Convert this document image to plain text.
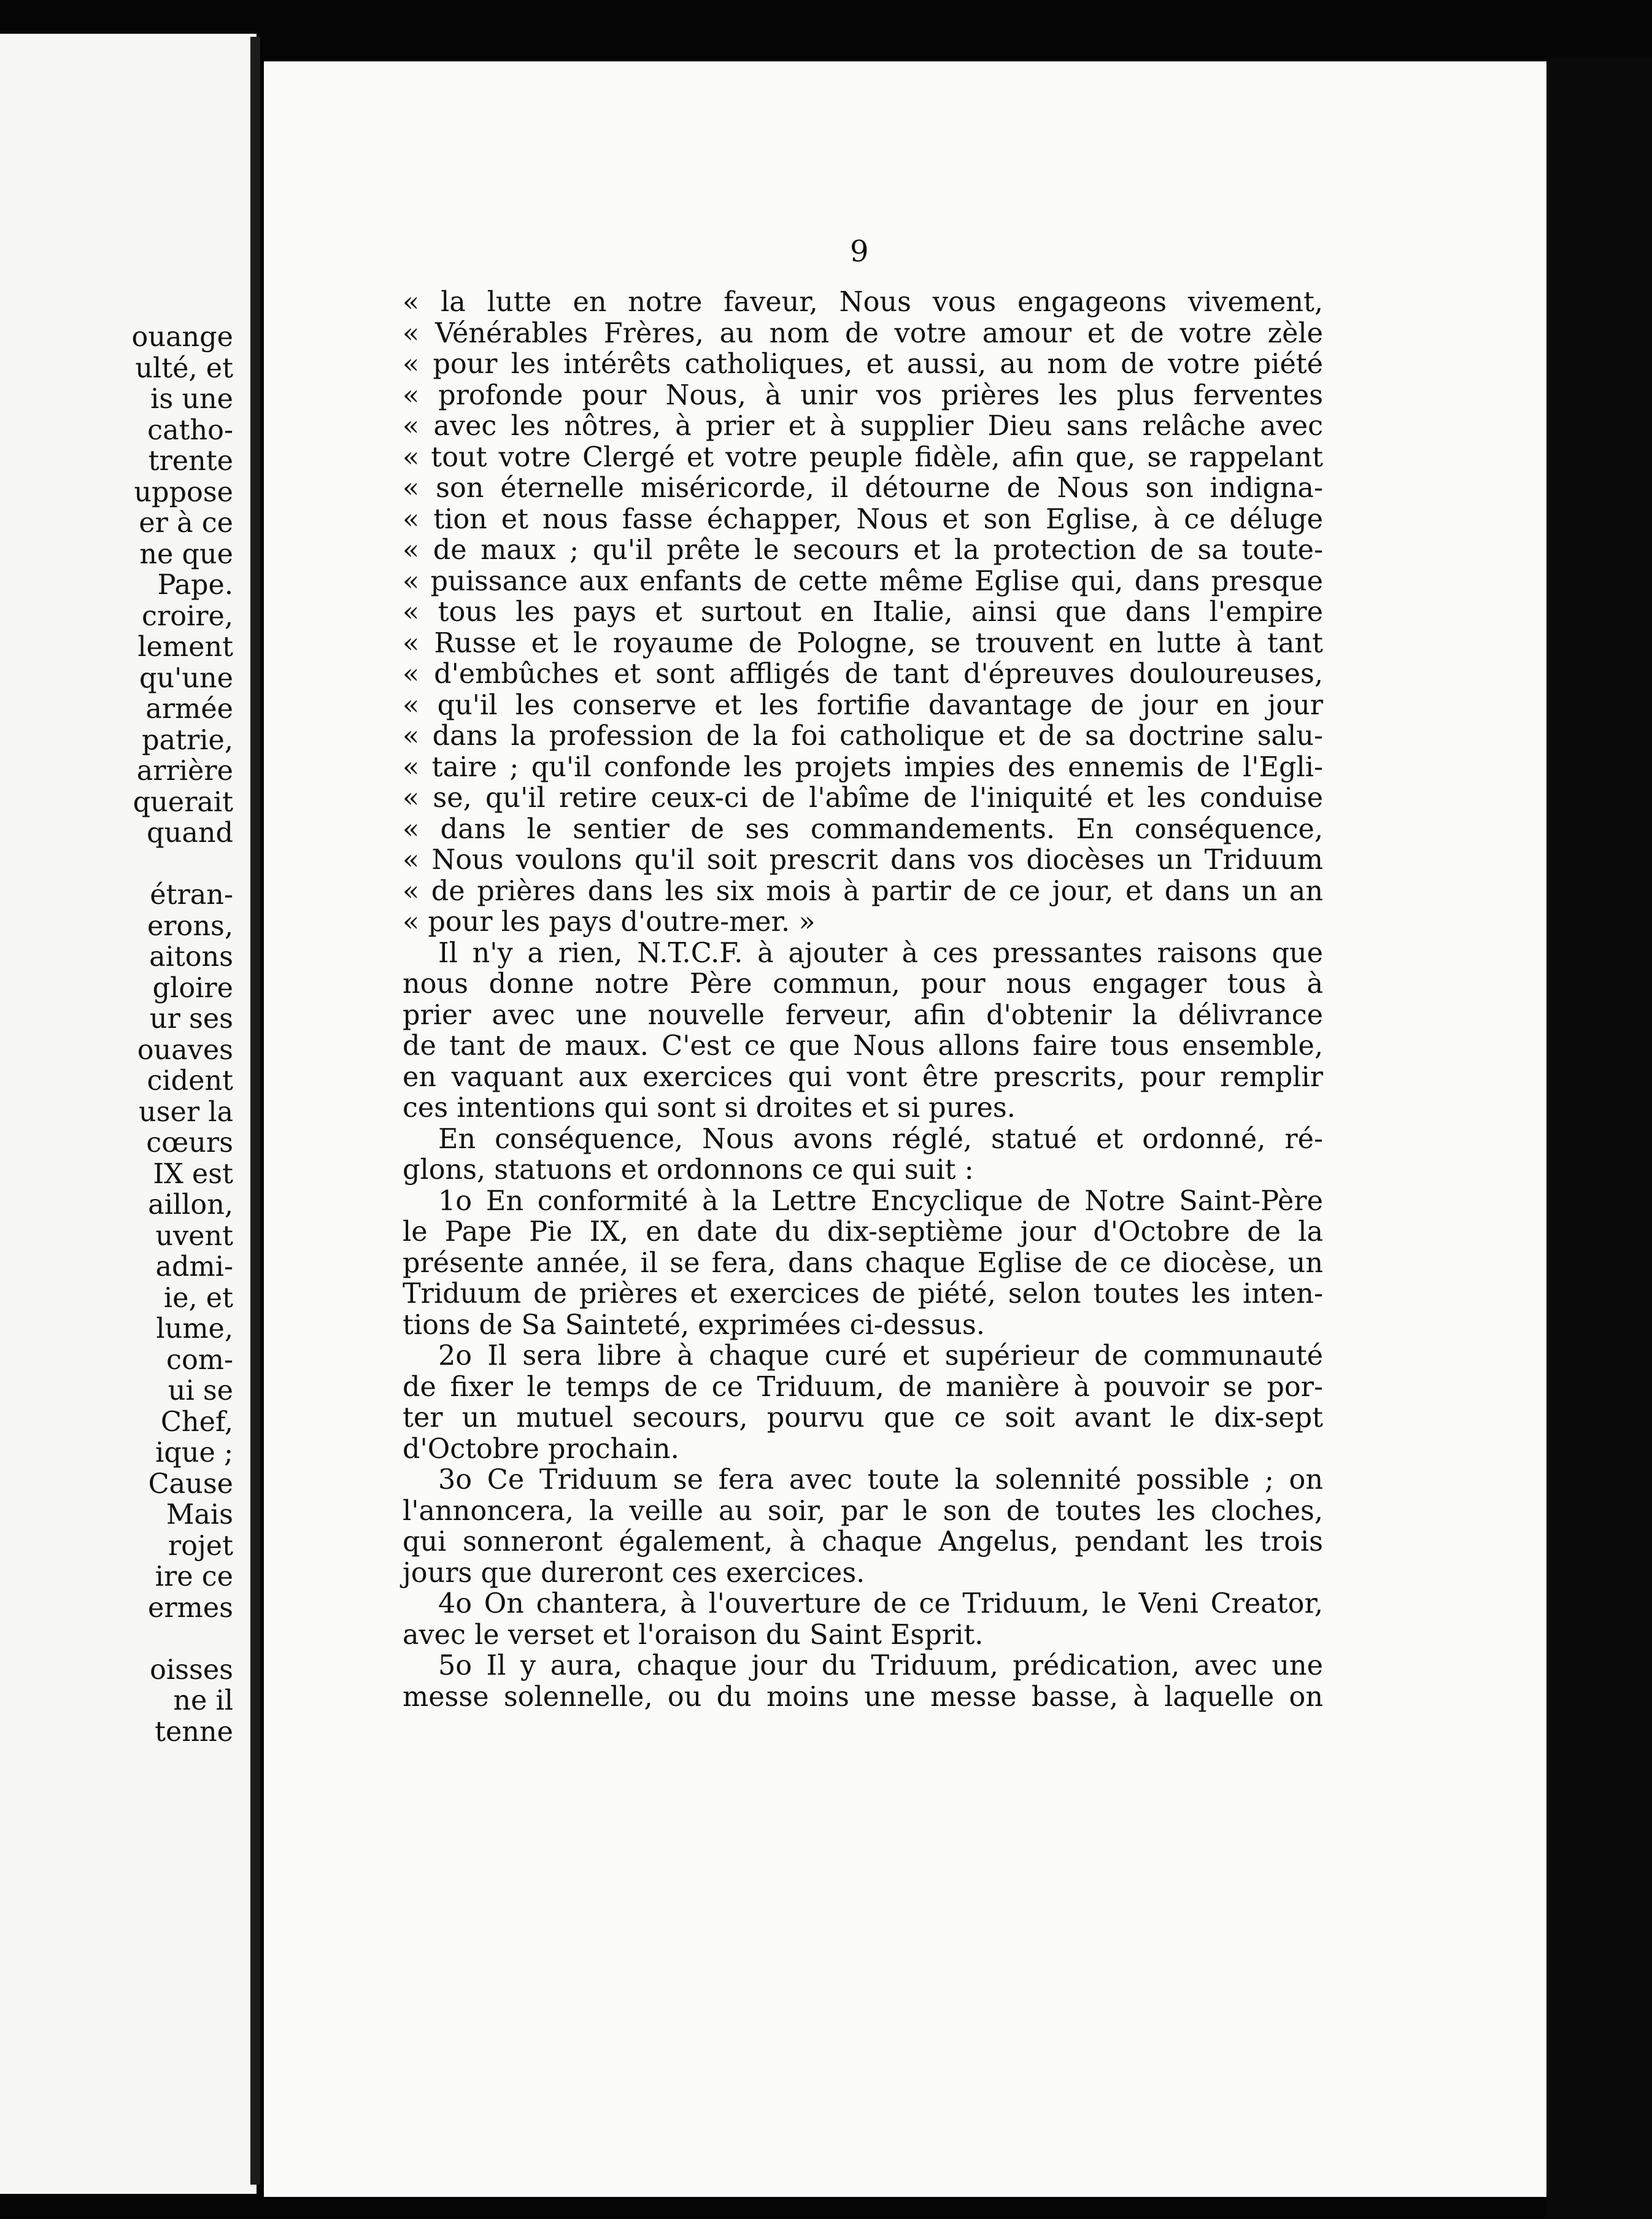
ouange
ulté, et
is une
catho-
trente
uppose
er à ce
ne que
Pape.
croire,
lement
qu'une
armée
patrie,
arrière
querait
quand

étran-
erons,
aitons
gloire
ur ses
ouaves
cident
user la
cœurs
IX est
aillon,
uvent
admi-
ie, et
lume,
com-
ui se
Chef,
ique ;
Cause
Mais
rojet
ire ce
ermes

oisses
ne il
tenne
9
« la lutte en notre faveur, Nous vous engageons vivement,
« Vénérables Frères, au nom de votre amour et de votre zèle
« pour les intérêts catholiques, et aussi, au nom de votre piété
« profonde pour Nous, à unir vos prières les plus ferventes
« avec les nôtres, à prier et à supplier Dieu sans relâche avec
« tout votre Clergé et votre peuple fidèle, afin que, se rappelant
« son éternelle miséricorde, il détourne de Nous son indigna-
« tion et nous fasse échapper, Nous et son Eglise, à ce déluge
« de maux ; qu'il prête le secours et la protection de sa toute-
« puissance aux enfants de cette même Eglise qui, dans presque
« tous les pays et surtout en Italie, ainsi que dans l'empire
« Russe et le royaume de Pologne, se trouvent en lutte à tant
« d'embûches et sont affligés de tant d'épreuves douloureuses,
« qu'il les conserve et les fortifie davantage de jour en jour
« dans la profession de la foi catholique et de sa doctrine salu-
« taire ; qu'il confonde les projets impies des ennemis de l'Egli-
« se, qu'il retire ceux-ci de l'abîme de l'iniquité et les conduise
« dans le sentier de ses commandements. En conséquence,
« Nous voulons qu'il soit prescrit dans vos diocèses un Triduum
« de prières dans les six mois à partir de ce jour, et dans un an
« pour les pays d'outre-mer. »
Il n'y a rien, N.T.C.F. à ajouter à ces pressantes raisons que
nous donne notre Père commun, pour nous engager tous à
prier avec une nouvelle ferveur, afin d'obtenir la délivrance
de tant de maux. C'est ce que Nous allons faire tous ensemble,
en vaquant aux exercices qui vont être prescrits, pour remplir
ces intentions qui sont si droites et si pures.
En conséquence, Nous avons réglé, statué et ordonné, ré-
glons, statuons et ordonnons ce qui suit :
1o En conformité à la Lettre Encyclique de Notre Saint-Père
le Pape Pie IX, en date du dix-septième jour d'Octobre de la
présente année, il se fera, dans chaque Eglise de ce diocèse, un
Triduum de prières et exercices de piété, selon toutes les inten-
tions de Sa Sainteté, exprimées ci-dessus.
2o Il sera libre à chaque curé et supérieur de communauté
de fixer le temps de ce Triduum, de manière à pouvoir se por-
ter un mutuel secours, pourvu que ce soit avant le dix-sept
d'Octobre prochain.
3o Ce Triduum se fera avec toute la solennité possible ; on
l'annoncera, la veille au soir, par le son de toutes les cloches,
qui sonneront également, à chaque Angelus, pendant les trois
jours que dureront ces exercices.
4o On chantera, à l'ouverture de ce Triduum, le Veni Creator,
avec le verset et l'oraison du Saint Esprit.
5o Il y aura, chaque jour du Triduum, prédication, avec une
messe solennelle, ou du moins une messe basse, à laquelle on
